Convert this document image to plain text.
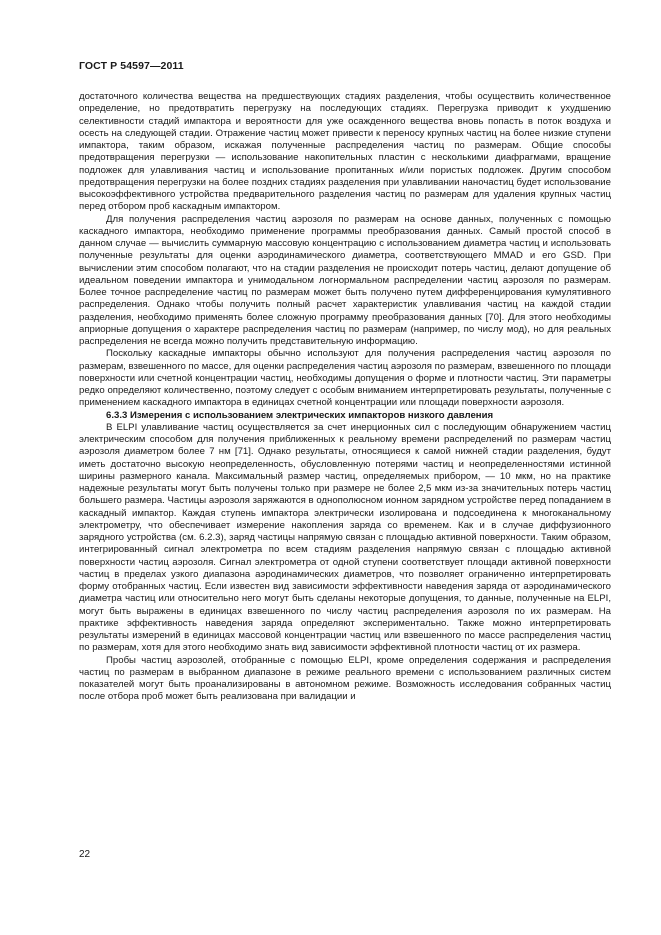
ГОСТ Р 54597—2011

достаточного количества вещества на предшествующих стадиях разделения, чтобы осуществить количественное определение, но предотвратить перегрузку на последующих стадиях. Перегрузка приводит к ухудшению селективности стадий импактора и вероятности для уже осажденного вещества вновь попасть в поток воздуха и осесть на следующей стадии. Отражение частиц может привести к переносу крупных частиц на более низкие ступени импактора, таким образом, искажая полученные распределения частиц по размерам. Общие способы предотвращения перегрузки — использование накопительных пластин с несколькими диафрагмами, вращение подложек для улавливания частиц и использование пропитанных и/или пористых подложек. Другим способом предотвращения перегрузки на более поздних стадиях разделения при улавливании наночастиц будет использование высокоэффективного устройства предварительного разделения частиц по размерам для удаления крупных частиц перед отбором проб каскадным импактором.

Для получения распределения частиц аэрозоля по размерам на основе данных, полученных с помощью каскадного импактора, необходимо применение программы преобразования данных. Самый простой способ в данном случае — вычислить суммарную массовую концентрацию с использованием диаметра частиц и использовать полученные результаты для оценки аэродинамического диаметра, соответствующего MMAD и его GSD. При вычислении этим способом полагают, что на стадии разделения не происходит потерь частиц, делают допущение об идеальном поведении импактора и унимодальном логнормальном распределении частиц аэрозоля по размерам. Более точное распределение частиц по размерам может быть получено путем дифференцирования кумулятивного распределения. Однако чтобы получить полный расчет характеристик улавливания частиц на каждой стадии разделения, необходимо применять более сложную программу преобразования данных [70]. Для этого необходимы априорные допущения о характере распределения частиц по размерам (например, по числу мод), но для реальных распределения не всегда можно получить представительную информацию.

Поскольку каскадные импакторы обычно используют для получения распределения частиц аэрозоля по размерам, взвешенного по массе, для оценки распределения частиц аэрозоля по размерам, взвешенного по площади поверхности или счетной концентрации частиц, необходимы допущения о форме и плотности частиц. Эти параметры редко определяют количественно, поэтому следует с особым вниманием интерпретировать результаты, полученные с применением каскадного импактора в единицах счетной концентрации или площади поверхности аэрозоля.

6.3.3 Измерения с использованием электрических импакторов низкого давления

В ELPI улавливание частиц осуществляется за счет инерционных сил с последующим обнаружением частиц электрическим способом для получения приближенных к реальному времени распределений по размерам частиц аэрозоля диаметром более 7 нм [71]. Однако результаты, относящиеся к самой нижней стадии разделения, будут иметь достаточно высокую неопределенность, обусловленную потерями частиц и неопределенностями истинной ширины размерного канала. Максимальный размер частиц, определяемых прибором, — 10 мкм, но на практике надежные результаты могут быть получены только при размере не более 2,5 мкм из-за значительных потерь частиц большего размера. Частицы аэрозоля заряжаются в однополюсном ионном зарядном устройстве перед попаданием в каскадный импактор. Каждая ступень импактора электрически изолирована и подсоединена к многоканальному электрометру, что обеспечивает измерение накопления заряда со временем. Как и в случае диффузионного зарядного устройства (см. 6.2.3), заряд частицы напрямую связан с площадью активной поверхности. Таким образом, интегрированный сигнал электрометра по всем стадиям разделения напрямую связан с площадью активной поверхности частиц аэрозоля. Сигнал электрометра от одной ступени соответствует площади активной поверхности частиц в пределах узкого диапазона аэродинамических диаметров, что позволяет ограниченно интерпретировать форму отобранных частиц. Если известен вид зависимости эффективности наведения заряда от аэродинамического диаметра частиц или относительно него могут быть сделаны некоторые допущения, то данные, полученные на ELPI, могут быть выражены в единицах взвешенного по числу частиц распределения аэрозоля по их размерам. На практике эффективность наведения заряда определяют экспериментально. Также можно интерпретировать результаты измерений в единицах массовой концентрации частиц или взвешенного по массе распределения частиц по размерам, хотя для этого необходимо знать вид зависимости эффективной плотности частиц от их размера.

Пробы частиц аэрозолей, отобранные с помощью ELPI, кроме определения содержания и распределения частиц по размерам в выбранном диапазоне в режиме реального времени с использованием различных систем показателей могут быть проанализированы в автономном режиме. Возможность исследования собранных частиц после отбора проб может быть реализована при валидации и

22
